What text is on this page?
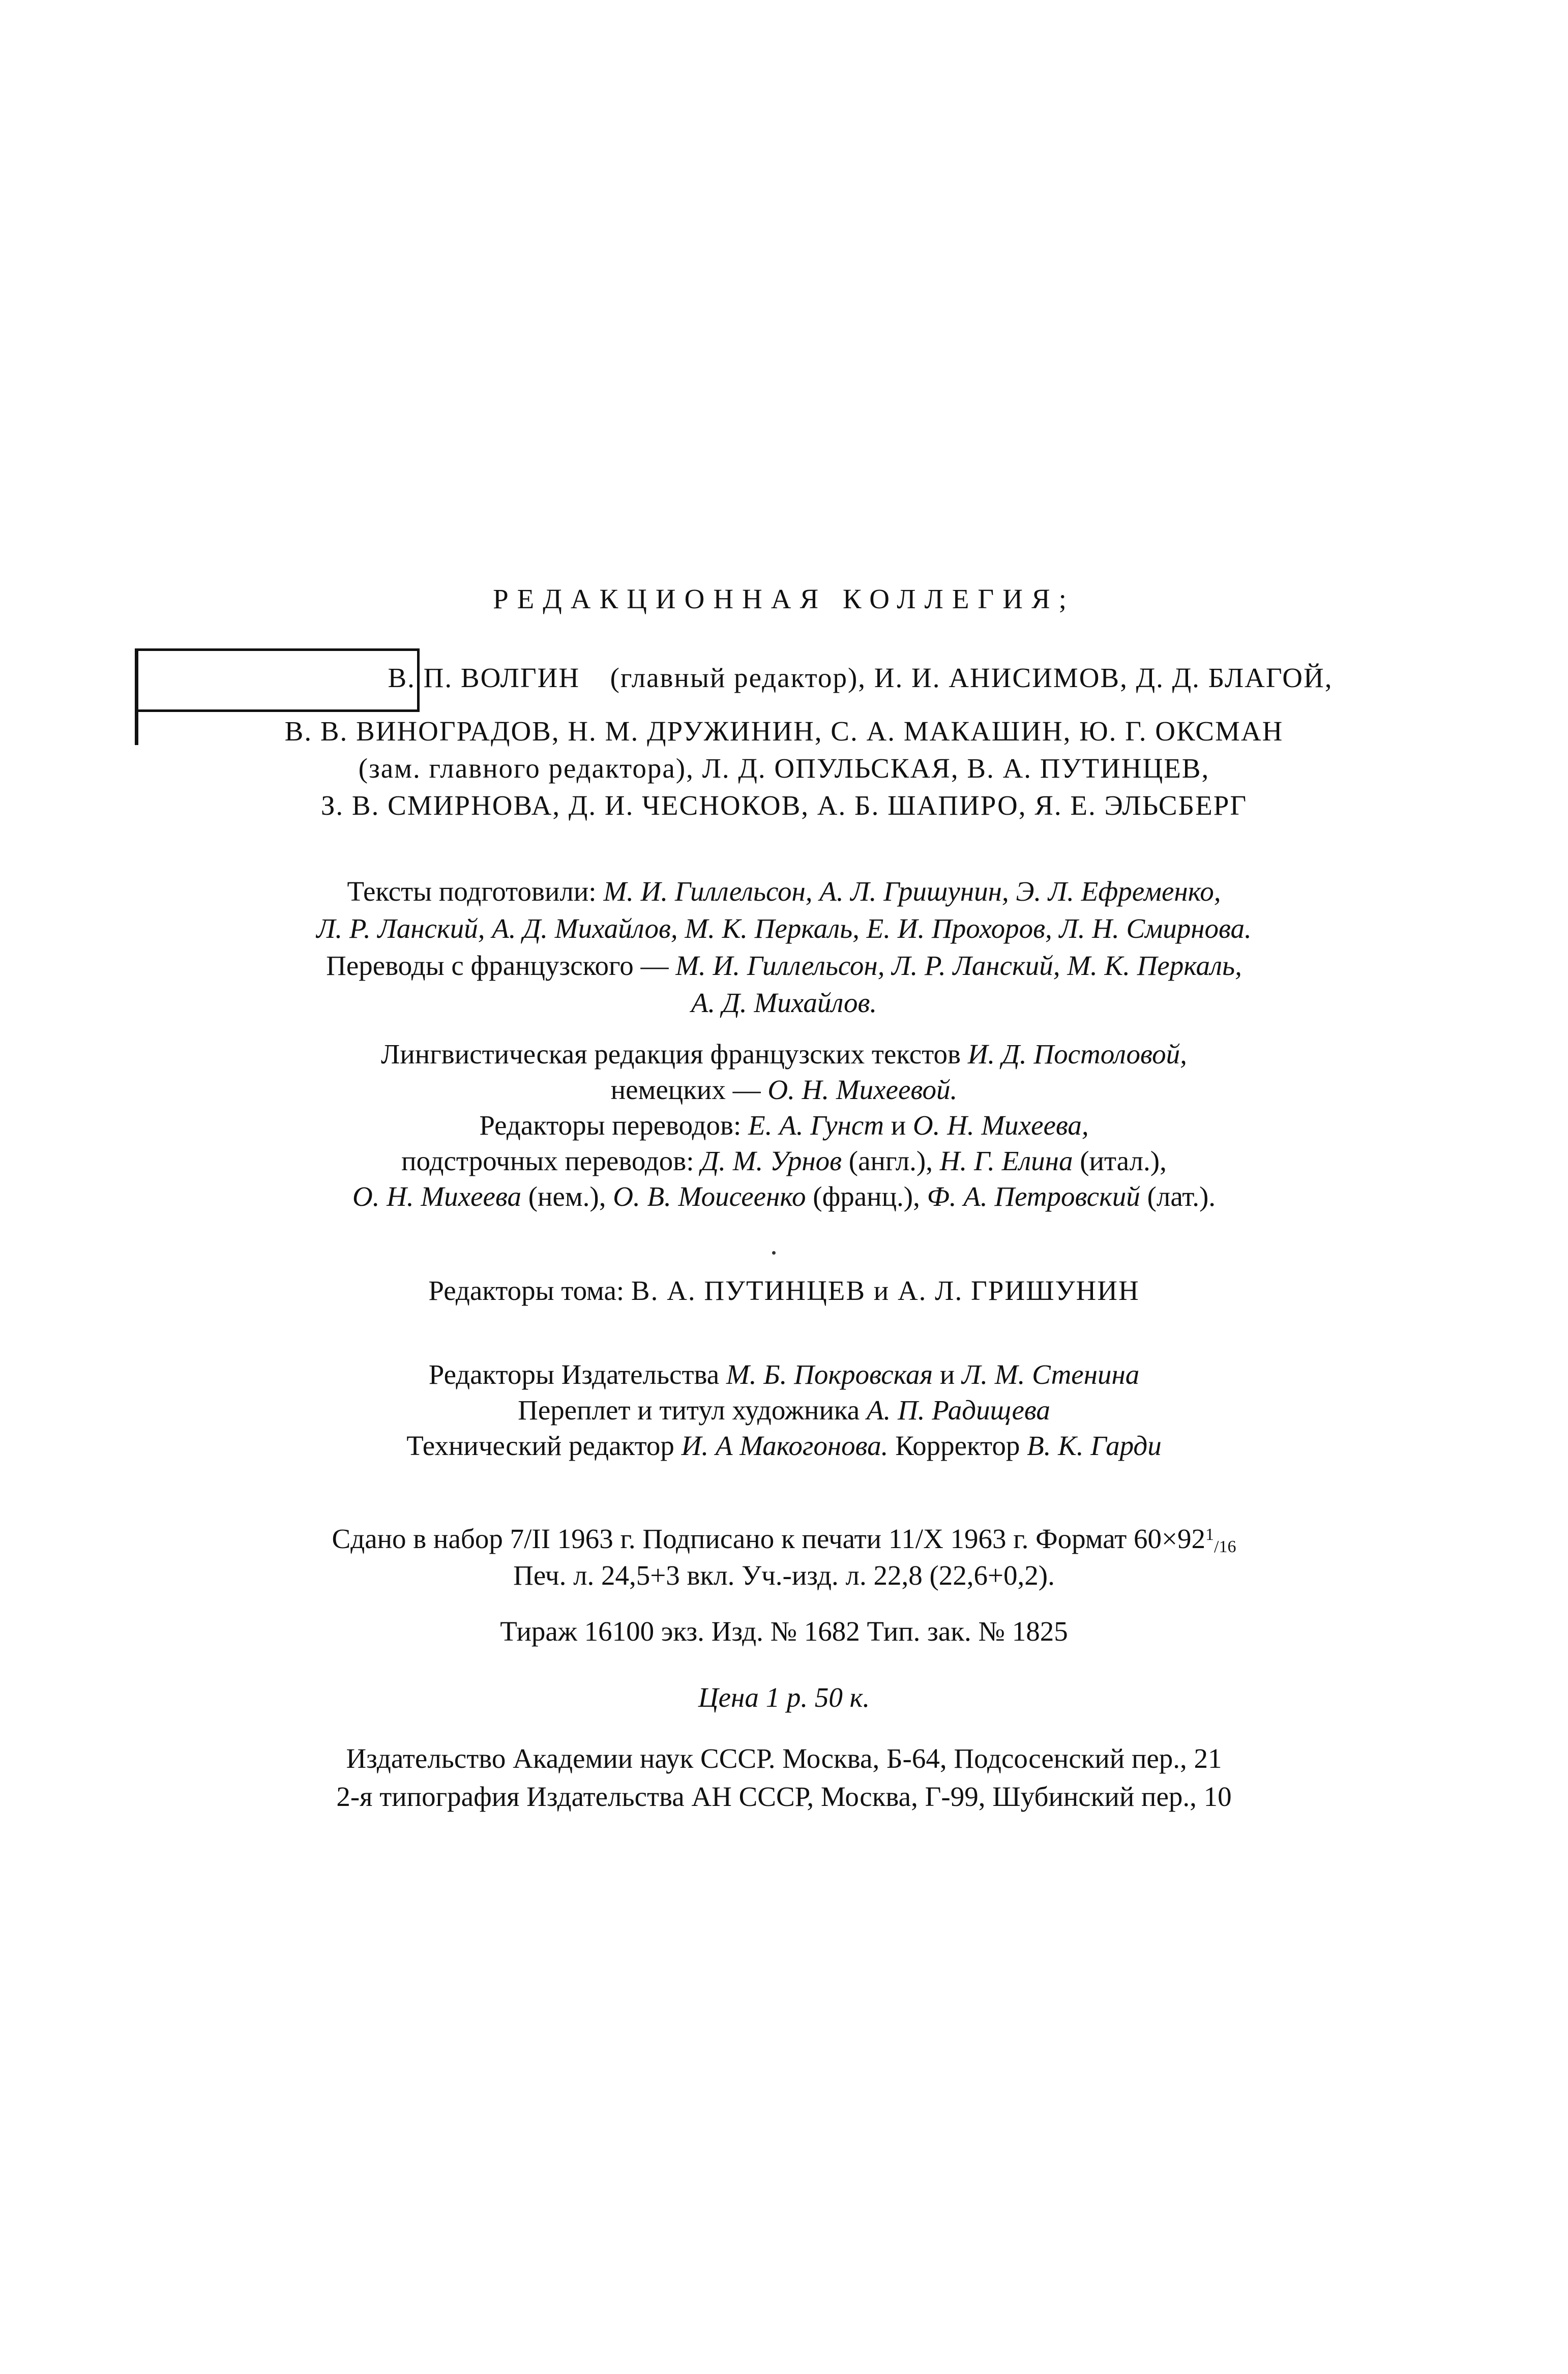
РЕДАКЦИОННАЯ КОЛЛЕГИЯ;
В. П. ВОЛГИН (главный редактор), И. И. АНИСИМОВ, Д. Д. БЛАГОЙ,
В. В. ВИНОГРАДОВ, Н. М. ДРУЖИНИН, С. А. МАКАШИН, Ю. Г. ОКСМАН
(зам. главного редактора), Л. Д. ОПУЛЬСКАЯ, В. А. ПУТИНЦЕВ,
З. В. СМИРНОВА, Д. И. ЧЕСНОКОВ, А. Б. ШАПИРО, Я. Е. ЭЛЬСБЕРГ
Тексты подготовили: М. И. Гиллельсон, А. Л. Гришунин, Э. Л. Ефременко,
Л. Р. Ланский, А. Д. Михайлов, М. К. Перкаль, Е. И. Прохоров, Л. Н. Смирнова.
Переводы с французского — М. И. Гиллельсон, Л. Р. Ланский, М. К. Перкаль,
А. Д. Михайлов.
Лингвистическая редакция французских текстов И. Д. Постоловой,
немецких — О. Н. Михеевой.
Редакторы переводов: Е. А. Гунст и О. Н. Михеева,
подстрочных переводов: Д. М. Урнов (англ.), Н. Г. Елина (итал.),
О. Н. Михеева (нем.), О. В. Моисеенко (франц.), Ф. А. Петровский (лат.).
Редакторы тома: В. А. ПУТИНЦЕВ и А. Л. ГРИШУНИН
Редакторы Издательства М. Б. Покровская и Л. М. Стенина
Переплет и титул художника А. П. Радищева
Технический редактор И. А Макогонова. Корректор В. К. Гарди
Сдано в набор 7/II 1963 г. Подписано к печати 11/X 1963 г. Формат $60\times 92^1/16$
Печ. л. 24,5+3 вкл. Уч.-изд. л. 22,8 (22,6+0,2).
Тираж 16100 экз. Изд. № 1682 Тип. зак. № 1825
Цена 1 р. 50 к.
Издательство Академии наук СССР. Москва, Б-64, Подсосенский пер., 21
2-я типография Издательства АН СССР, Москва, Г-99, Шубинский пер., 10
